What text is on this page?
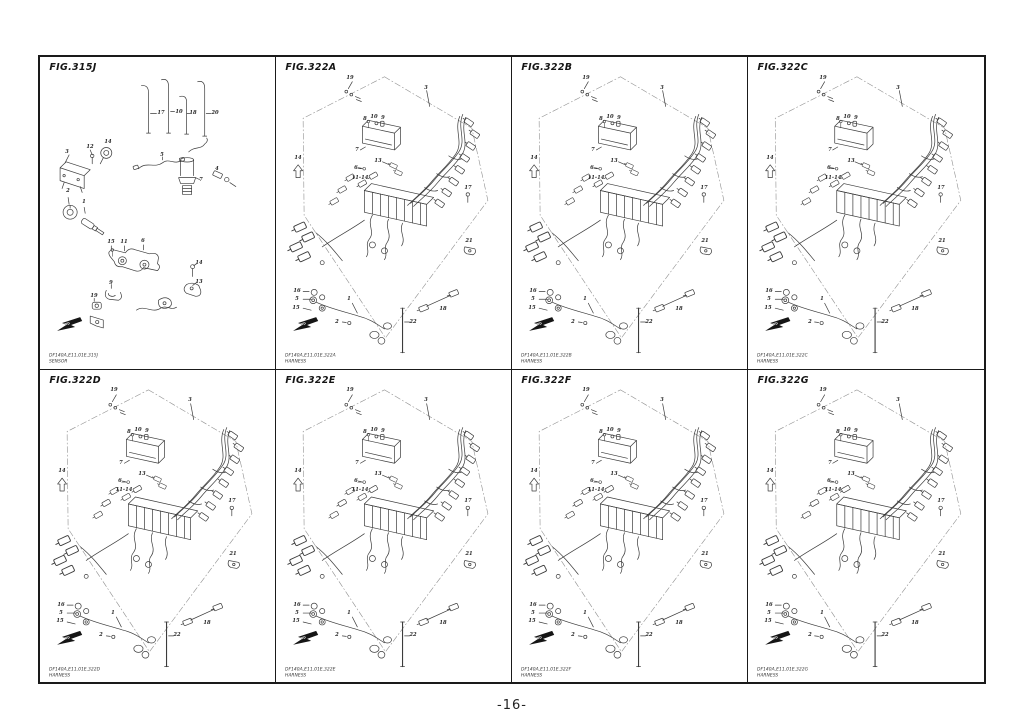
17 10 18 20
12
3
14
5
7
4
2
1
15 11 6
14
13
9
19
FIG.315J
FWD
DF140A,E11,01E,315J
SENSOR
19
3
14
8 10 9
7
6
11-14
13
17
21
16
5
15
1
2	22
18
FIG.322A
FWD
DF140A,E11,01E,322A
HARNESS
19
3
14
8 10 9
7
6
11-14
13
17
21
16
5
15
1
2	22
18
FIG.322B
FWD
DF140A,E11,01E,322B
HARNESS
19
3
14
8 10 9
7
6
11-14
13
17
21
16
5
15
1
2	22
18
FIG.322C
FWD
DF140A,E11,01E,322C
HARNESS
19
3
14
8 10 9
7
6
11-14
13
17
21
16
5
15
1
2	22
18
FIG.322D
FWD
DF140A,E11,01E,322D
HARNESS
19
3
14
8 10 9
7
6
11-14
13
17
21
16
5
15
1
2	22
18
FIG.322E
FWD
DF140A,E11,01E,322E
HARNESS
19
3
14
8 10 9
7
6
11-14
13
17
21
16
5
15
1
2	22
18
FIG.322F
FWD
DF140A,E11,01E,322F
HARNESS
19
3
14
8 10 9
7
6
11-14
13
17
21
16
5
15
1
2	22
18
FIG.322G
FWD
DF140A,E11,01E,322G
HARNESS
-16-
